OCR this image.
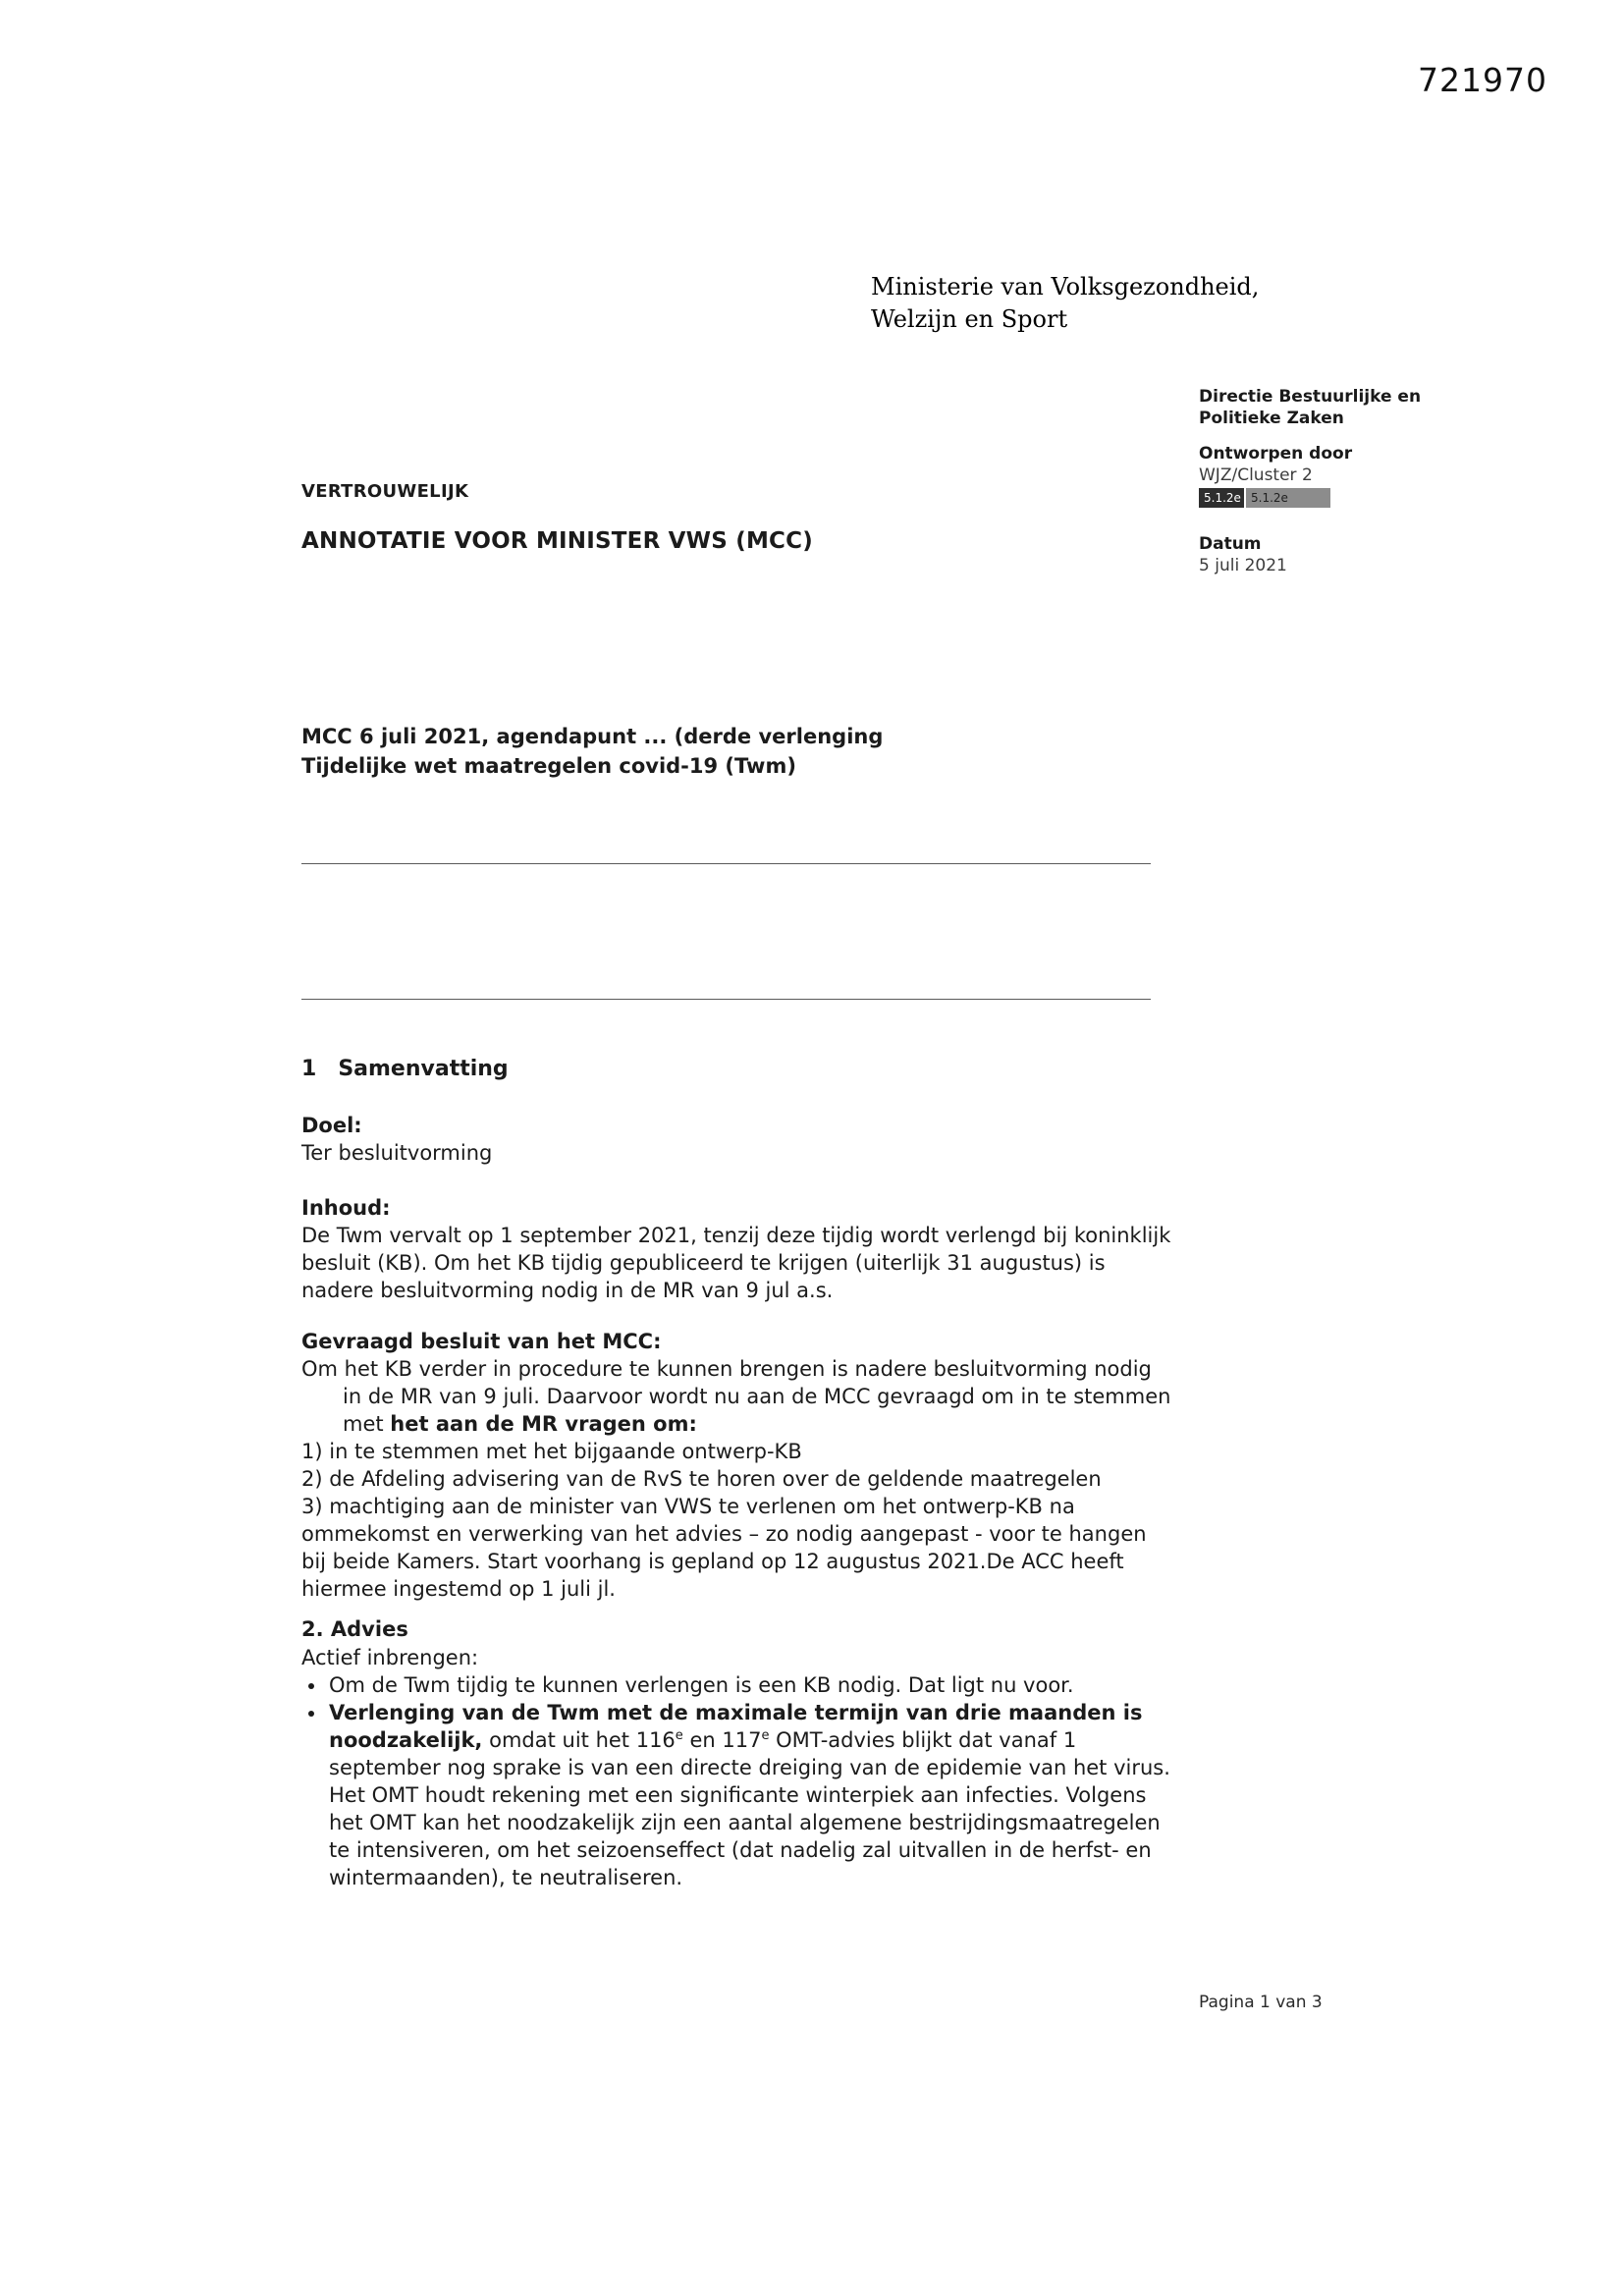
721970
Ministerie van Volksgezondheid,
Welzijn en Sport
Directie Bestuurlijke en
Politieke Zaken
Ontworpen door
WJZ/Cluster 2
5.1.2e 5.1.2e
Datum
5 juli 2021
VERTROUWELIJK
ANNOTATIE VOOR MINISTER VWS (MCC)
MCC 6 juli 2021, agendapunt ... (derde verlenging
Tijdelijke wet maatregelen covid-19 (Twm)
1 Samenvatting
Doel:
Ter besluitvorming
Inhoud:
De Twm vervalt op 1 september 2021, tenzij deze tijdig wordt verlengd bij koninklijk besluit (KB). Om het KB tijdig gepubliceerd te krijgen (uiterlijk 31 augustus) is nadere besluitvorming nodig in de MR van 9 jul a.s.
Gevraagd besluit van het MCC:
Om het KB verder in procedure te kunnen brengen is nadere besluitvorming nodig in de MR van 9 juli. Daarvoor wordt nu aan de MCC gevraagd om in te stemmen met het aan de MR vragen om:
1) in te stemmen met het bijgaande ontwerp-KB
2) de Afdeling advisering van de RvS te horen over de geldende maatregelen
3) machtiging aan de minister van VWS te verlenen om het ontwerp-KB na ommekomst en verwerking van het advies – zo nodig aangepast - voor te hangen bij beide Kamers. Start voorhang is gepland op 12 augustus 2021.De ACC heeft hiermee ingestemd op 1 juli jl.
2. Advies
Actief inbrengen:
• Om de Twm tijdig te kunnen verlengen is een KB nodig. Dat ligt nu voor.
• Verlenging van de Twm met de maximale termijn van drie maanden is noodzakelijk, omdat uit het 116e en 117e OMT-advies blijkt dat vanaf 1 september nog sprake is van een directe dreiging van de epidemie van het virus. Het OMT houdt rekening met een significante winterpiek aan infecties. Volgens het OMT kan het noodzakelijk zijn een aantal algemene bestrijdingsmaatregelen te intensiveren, om het seizoenseffect (dat nadelig zal uitvallen in de herfst- en wintermaanden), te neutraliseren.
Pagina 1 van 3
